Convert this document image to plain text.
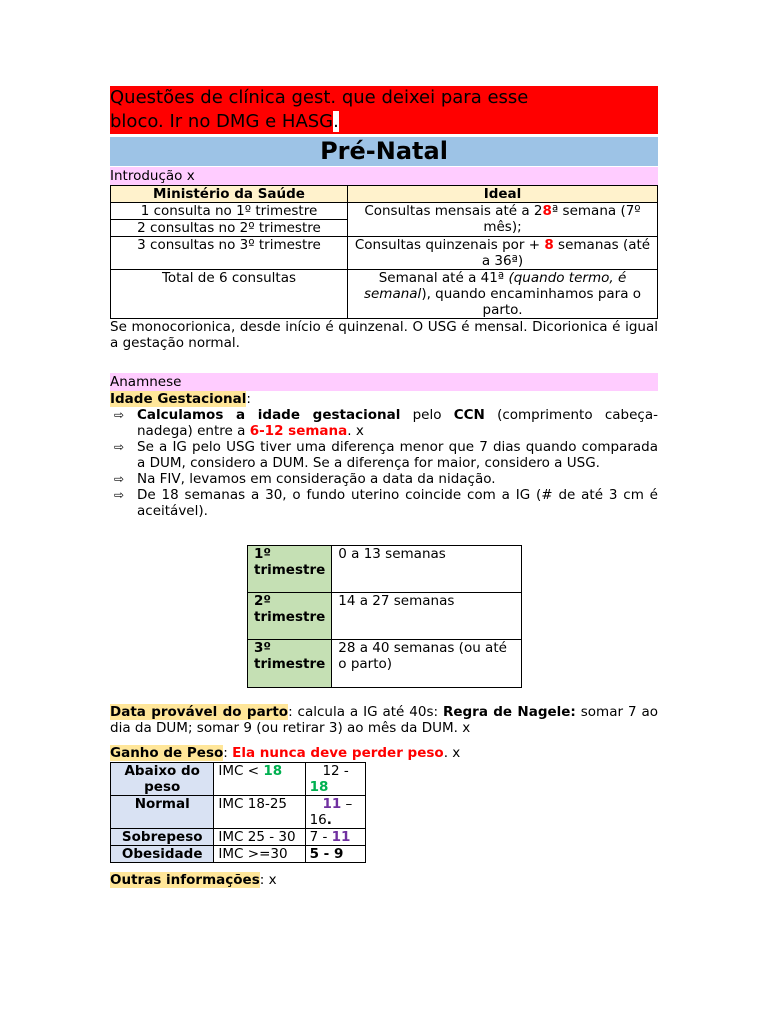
Questões de clínica gest. que deixei para esse
bloco. Ir no DMG e HASG.
Pré-Natal
Introdução x
Ministério da Saúde	Ideal
1 consulta no 1º trimestre	Consultas mensais até a 28ª semana (7º mês);
2 consultas no 2º trimestre	
3 consultas no 3º trimestre	Consultas quinzenais por + 8 semanas (até a 36ª)
Total de 6 consultas	Semanal até a 41ª (quando termo, é semanal), quando encaminhamos para o parto.

Se monocorionica, desde início é quinzenal. O USG é mensal. Dicorionica é igual a gestação normal.

Anamnese

Idade Gestacional:

⇨ Calculamos a idade gestacional pelo CCN (comprimento cabeça-nadega) entre a 6-12 semana. x
⇨ Se a IG pelo USG tiver uma diferença menor que 7 dias quando comparada a DUM, considero a DUM. Se a diferença for maior, considero a USG.
⇨ Na FIV, levamos em consideração a data da nidação.
⇨ De 18 semanas a 30, o fundo uterino coincide com a IG (# de até 3 cm é aceitável).
1º trimestre	0 a 13 semanas
2º trimestre	14 a 27 semanas
3º trimestre	28 a 40 semanas (ou até o parto)

Data provável do parto: calcula a IG até 40s: Regra de Nagele: somar 7 ao dia da DUM; somar 9 (ou retirar 3) ao mês da DUM. x

Ganho de Peso: Ela nunca deve perder peso. x

Abaixo do peso	IMC < 18	12 -
18
Normal	IMC 18-25	11 – 16.
Sobrepeso	IMC 25 - 30	7 - 11
Obesidade	IMC >=30	5 - 9

Outras informações: x
